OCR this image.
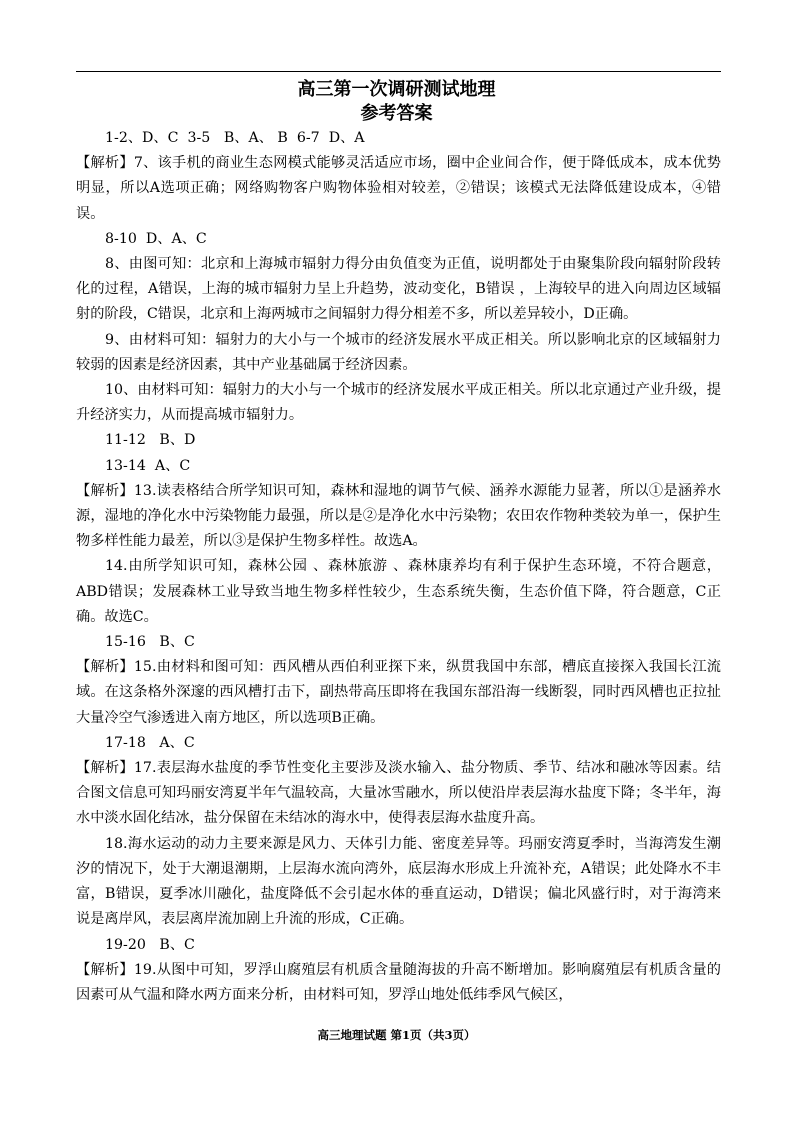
高三第一次调研测试地理
参考答案

1-2、D、C  3-5   B、A、 B  6-7  D、A

【解析】7、该手机的商业生态网模式能够灵活适应市场，圈中企业间合作，便于降低成本，成本优势明显，所以A选项正确；网络购物客户购物体验相对较差，②错误；该模式无法降低建设成本，④错误。

8-10  D、A、C

8、由图可知：北京和上海城市辐射力得分由负值变为正值，说明都处于由聚集阶段向辐射阶段转化的过程，A错误，上海的城市辐射力呈上升趋势，波动变化，B错误 ，上海较早的进入向周边区域辐射的阶段，C错误，北京和上海两城市之间辐射力得分相差不多，所以差异较小，D正确。

9、由材料可知：辐射力的大小与一个城市的经济发展水平成正相关。所以影响北京的区域辐射力较弱的因素是经济因素，其中产业基础属于经济因素。

10、由材料可知：辐射力的大小与一个城市的经济发展水平成正相关。所以北京通过产业升级，提升经济实力，从而提高城市辐射力。

11-12   B、D

13-14  A、C

【解析】13.读表格结合所学知识可知，森林和湿地的调节气候、涵养水源能力显著，所以①是涵养水源，湿地的净化水中污染物能力最强，所以是②是净化水中污染物；农田农作物种类较为单一，保护生物多样性能力最差，所以③是保护生物多样性。故选A。

14.由所学知识可知，森林公园 、森林旅游 、森林康养均有利于保护生态环境，不符合题意，ABD错误；发展森林工业导致当地生物多样性较少，生态系统失衡，生态价值下降，符合题意，C正确。故选C。

15-16   B、C

【解析】15.由材料和图可知：西风槽从西伯利亚探下来，纵贯我国中东部，槽底直接探入我国长江流域。在这条格外深邃的西风槽打击下，副热带高压即将在我国东部沿海一线断裂，同时西风槽也正拉扯大量冷空气渗透进入南方地区，所以选项B正确。

17-18   A、C

【解析】17.表层海水盐度的季节性变化主要涉及淡水输入、盐分物质、季节、结冰和融冰等因素。结合图文信息可知玛丽安湾夏半年气温较高，大量冰雪融水，所以使沿岸表层海水盐度下降；冬半年，海水中淡水固化结冰，盐分保留在未结冰的海水中，使得表层海水盐度升高。

18.海水运动的动力主要来源是风力、天体引力能、密度差异等。玛丽安湾夏季时，当海湾发生潮汐的情况下，处于大潮退潮期，上层海水流向湾外，底层海水形成上升流补充，A错误；此处降水不丰富，B错误，夏季冰川融化，盐度降低不会引起水体的垂直运动，D错误；偏北风盛行时，对于海湾来说是离岸风，表层离岸流加剧上升流的形成，C正确。

19-20   B、C

【解析】19.从图中可知，罗浮山腐殖层有机质含量随海拔的升高不断增加。影响腐殖层有机质含量的因素可从气温和降水两方面来分析，由材料可知，罗浮山地处低纬季风气候区，

高三地理试题 第1页（共3页）
